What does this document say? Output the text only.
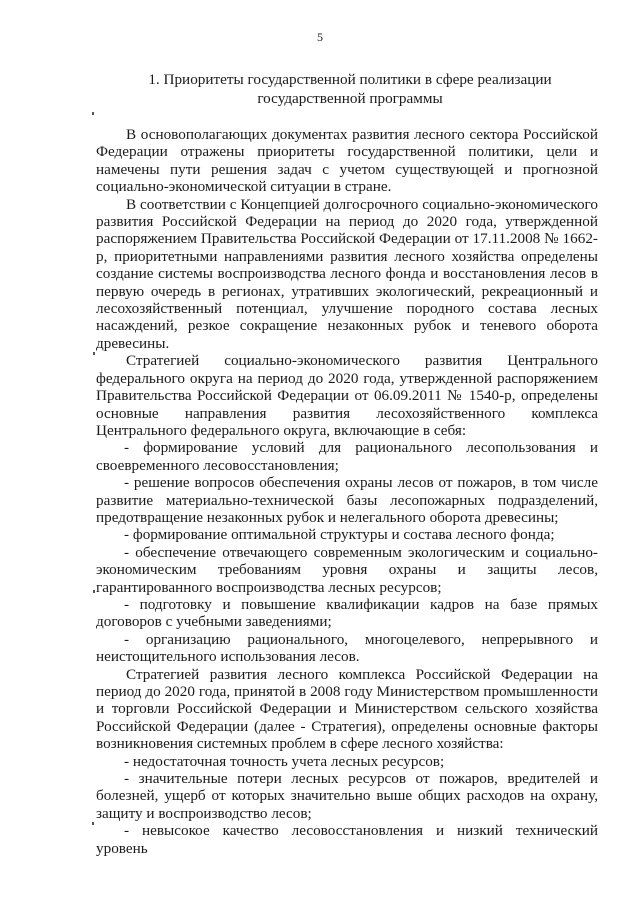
5
1. Приоритеты государственной политики в сфере реализации государственной программы

В основополагающих документах развития лесного сектора Российской Федерации отражены приоритеты государственной политики, цели и намечены пути решения задач с учетом существующей и прогнозной социально-экономической ситуации в стране.

В соответствии с Концепцией долгосрочного социально-экономического развития Российской Федерации на период до 2020 года, утвержденной распоряжением Правительства Российской Федерации от 17.11.2008 № 1662-р, приоритетными направлениями развития лесного хозяйства определены создание системы воспроизводства лесного фонда и восстановления лесов в первую очередь в регионах, утративших экологический, рекреационный и лесохозяйственный потенциал, улучшение породного состава лесных насаждений, резкое сокращение незаконных рубок и теневого оборота древесины.

Стратегией социально-экономического развития Центрального федерального округа на период до 2020 года, утвержденной распоряжением Правительства Российской Федерации от 06.09.2011 № 1540-р, определены основные направления развития лесохозяйственного комплекса Центрального федерального округа, включающие в себя:

- формирование условий для рационального лесопользования и своевременного лесовосстановления;

- решение вопросов обеспечения охраны лесов от пожаров, в том числе развитие материально-технической базы лесопожарных подразделений, предотвращение незаконных рубок и нелегального оборота древесины;

- формирование оптимальной структуры и состава лесного фонда;

- обеспечение отвечающего современным экологическим и социально-экономическим требованиям уровня охраны и защиты лесов, гарантированного воспроизводства лесных ресурсов;

- подготовку и повышение квалификации кадров на базе прямых договоров с учебными заведениями;

- организацию рационального, многоцелевого, непрерывного и неистощительного использования лесов.

Стратегией развития лесного комплекса Российской Федерации на период до 2020 года, принятой в 2008 году Министерством промышленности и торговли Российской Федерации и Министерством сельского хозяйства Российской Федерации (далее - Стратегия), определены основные факторы возникновения системных проблем в сфере лесного хозяйства:

- недостаточная точность учета лесных ресурсов;

- значительные потери лесных ресурсов от пожаров, вредителей и болезней, ущерб от которых значительно выше общих расходов на охрану, защиту и воспроизводство лесов;

- невысокое качество лесовосстановления и низкий технический уровень
